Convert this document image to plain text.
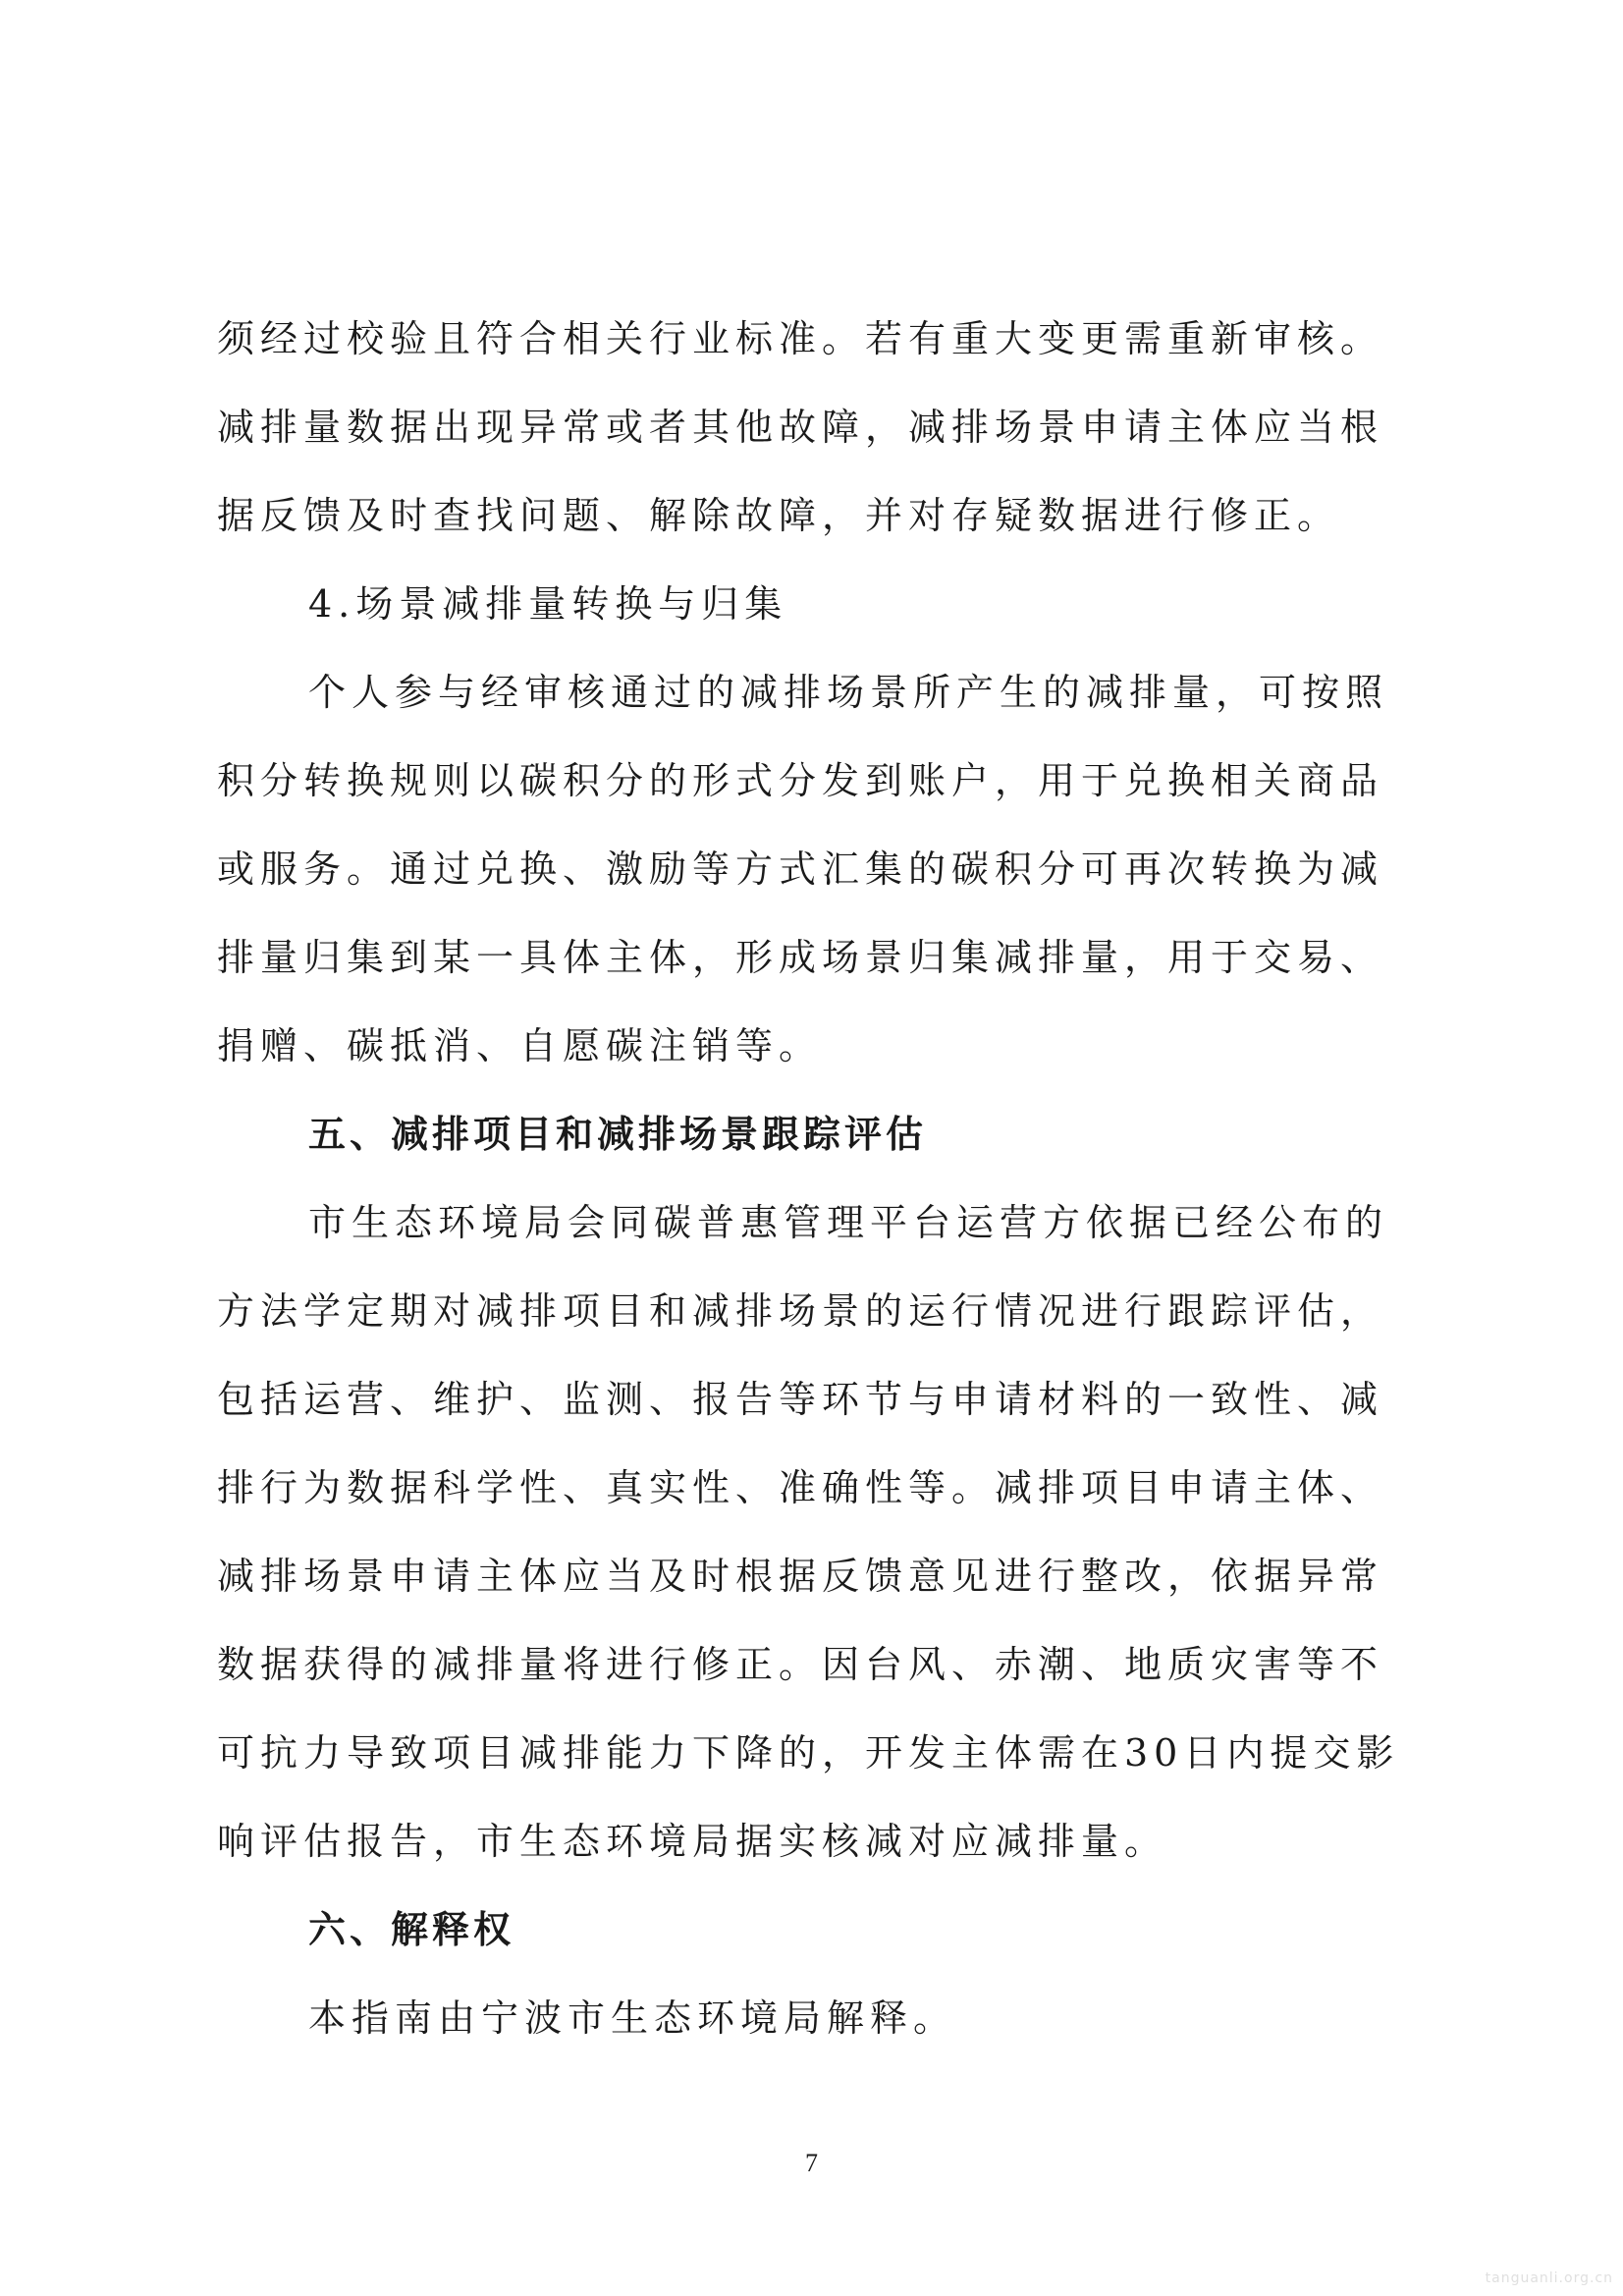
须经过校验且符合相关行业标准。若有重大变更需重新审核。
减排量数据出现异常或者其他故障，减排场景申请主体应当根
据反馈及时查找问题、解除故障，并对存疑数据进行修正。
4.场景减排量转换与归集
个人参与经审核通过的减排场景所产生的减排量，可按照
积分转换规则以碳积分的形式分发到账户，用于兑换相关商品
或服务。通过兑换、激励等方式汇集的碳积分可再次转换为减
排量归集到某一具体主体，形成场景归集减排量，用于交易、
捐赠、碳抵消、自愿碳注销等。
五、减排项目和减排场景跟踪评估
市生态环境局会同碳普惠管理平台运营方依据已经公布的
方法学定期对减排项目和减排场景的运行情况进行跟踪评估，
包括运营、维护、监测、报告等环节与申请材料的一致性、减
排行为数据科学性、真实性、准确性等。减排项目申请主体、
减排场景申请主体应当及时根据反馈意见进行整改，依据异常
数据获得的减排量将进行修正。因台风、赤潮、地质灾害等不
可抗力导致项目减排能力下降的，开发主体需在30日内提交影
响评估报告，市生态环境局据实核减对应减排量。
六、解释权
本指南由宁波市生态环境局解释。
7
tanguanli.org.cn
